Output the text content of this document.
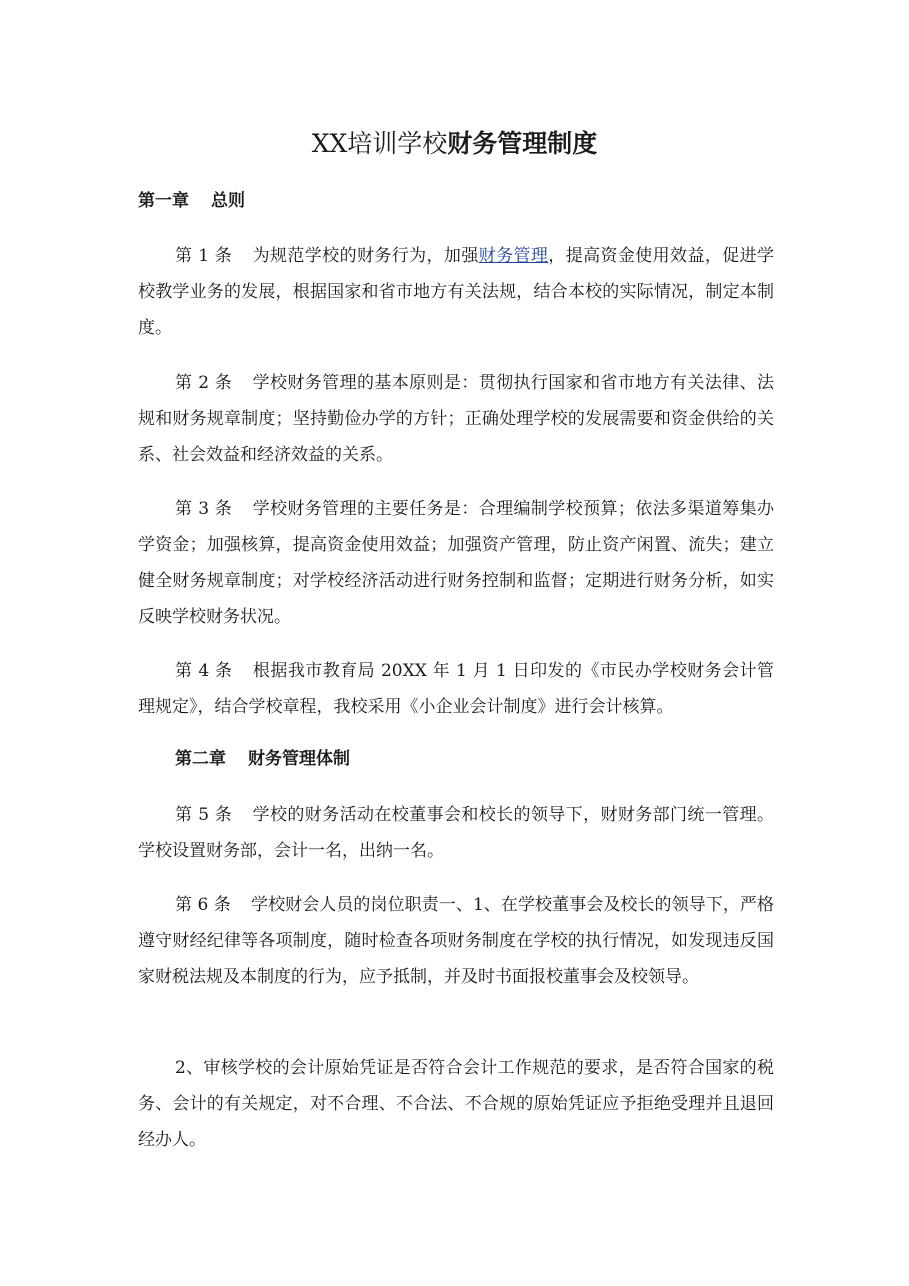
XX培训学校财务管理制度
第一章 总则

第 1 条 为规范学校的财务行为，加强财务管理，提高资金使用效益，促进学校教学业务的发展，根据国家和省市地方有关法规，结合本校的实际情况，制定本制度。

第 2 条 学校财务管理的基本原则是：贯彻执行国家和省市地方有关法律、法规和财务规章制度；坚持勤俭办学的方针；正确处理学校的发展需要和资金供给的关系、社会效益和经济效益的关系。

第 3 条 学校财务管理的主要任务是：合理编制学校预算；依法多渠道筹集办学资金；加强核算，提高资金使用效益；加强资产管理，防止资产闲置、流失；建立健全财务规章制度；对学校经济活动进行财务控制和监督；定期进行财务分析，如实反映学校财务状况。

第 4 条 根据我市教育局 20XX 年 1 月 1 日印发的《市民办学校财务会计管理规定》，结合学校章程，我校采用《小企业会计制度》进行会计核算。

第二章 财务管理体制

第 5 条 学校的财务活动在校董事会和校长的领导下，财财务部门统一管理。学校设置财务部，会计一名，出纳一名。

第 6 条 学校财会人员的岗位职责一、1、在学校董事会及校长的领导下，严格遵守财经纪律等各项制度，随时检查各项财务制度在学校的执行情况，如发现违反国家财税法规及本制度的行为，应予抵制，并及时书面报校董事会及校领导。

2、审核学校的会计原始凭证是否符合会计工作规范的要求，是否符合国家的税务、会计的有关规定，对不合理、不合法、不合规的原始凭证应予拒绝受理并且退回经办人。
